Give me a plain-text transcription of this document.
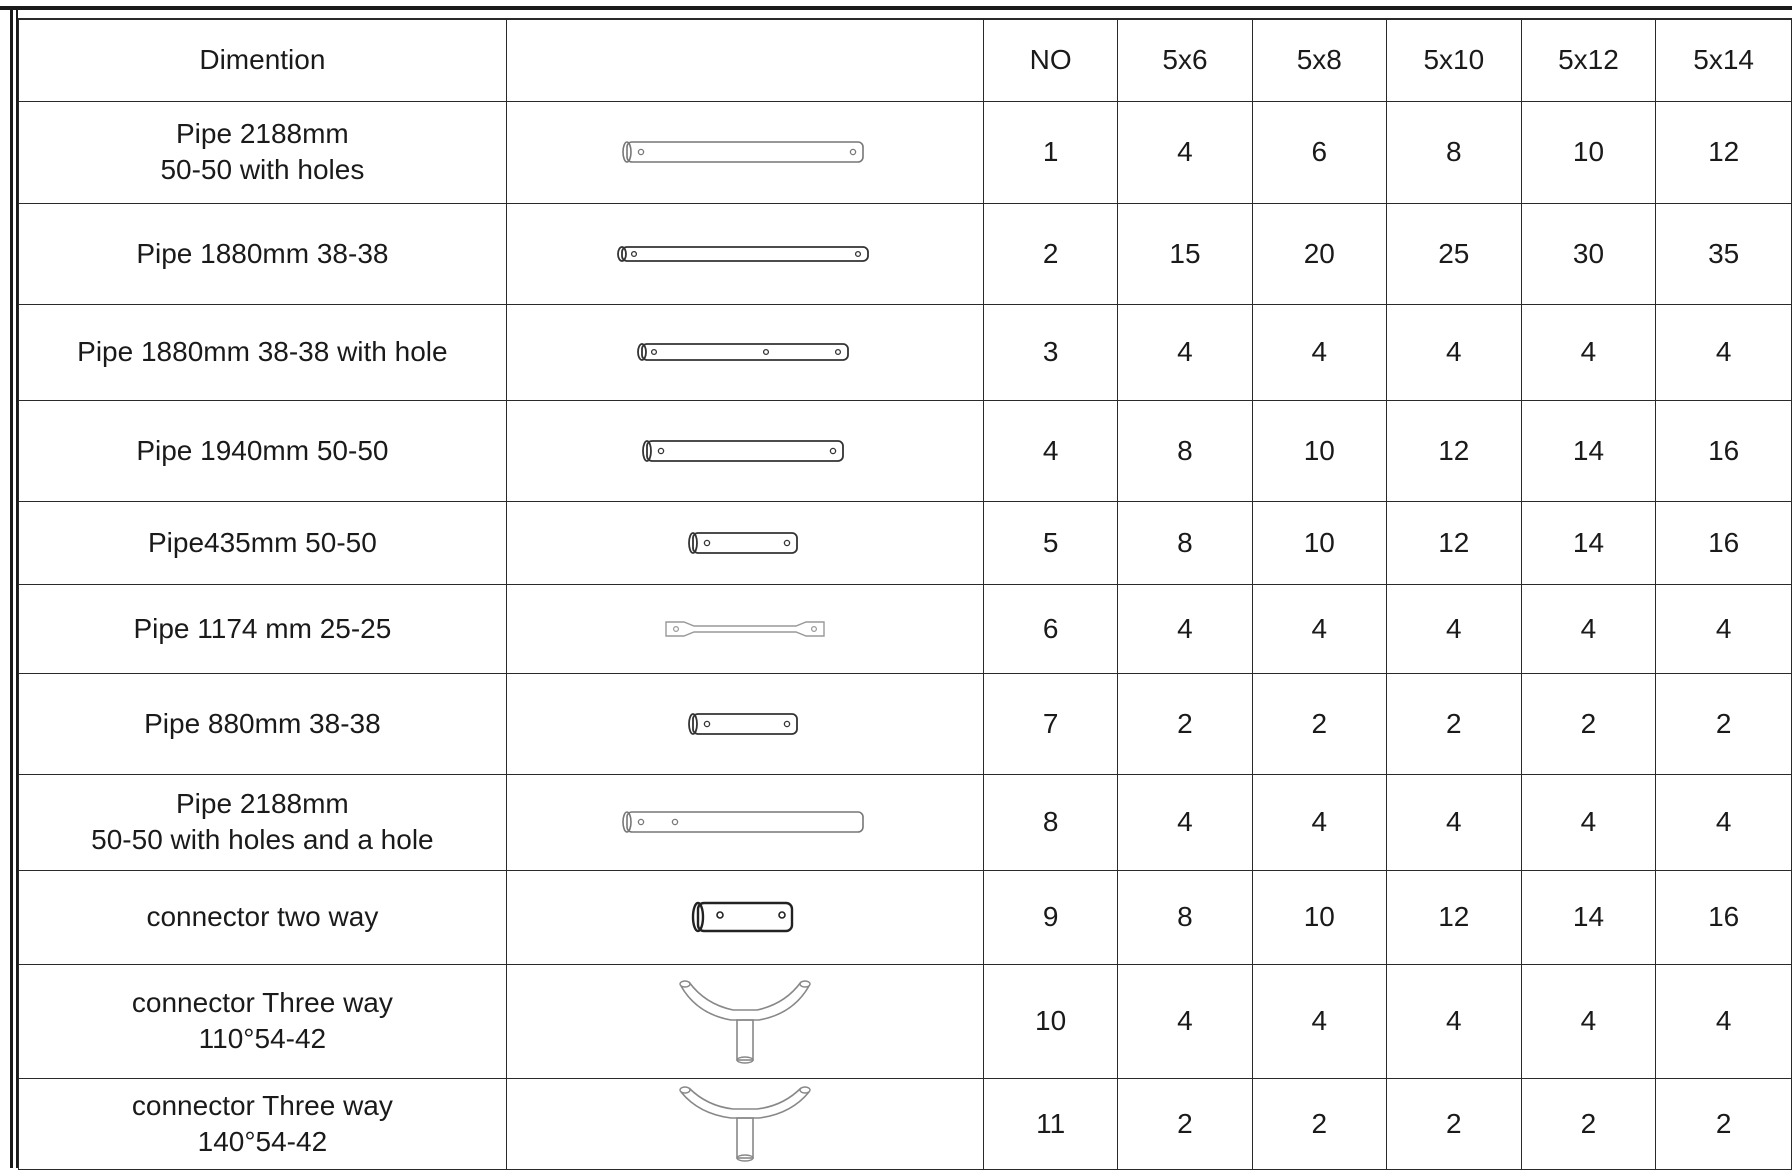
Dimention		NO	5x6	5x8	5x10	5x12	5x14
Pipe 2188mm
50-50 with holes		1	4	6	8	10	12
Pipe 1880mm 38-38		2	15	20	25	30	35
Pipe 1880mm 38-38 with hole		3	4	4	4	4	4
Pipe 1940mm 50-50		4	8	10	12	14	16
Pipe435mm 50-50		5	8	10	12	14	16
Pipe 1174 mm 25-25		6	4	4	4	4	4
Pipe 880mm 38-38		7	2	2	2	2	2
Pipe 2188mm
50-50 with holes and a hole		8	4	4	4	4	4
connector two way		9	8	10	12	14	16
connector Three way
110°54-42		10	4	4	4	4	4
connector Three way
140°54-42		11	2	2	2	2	2
